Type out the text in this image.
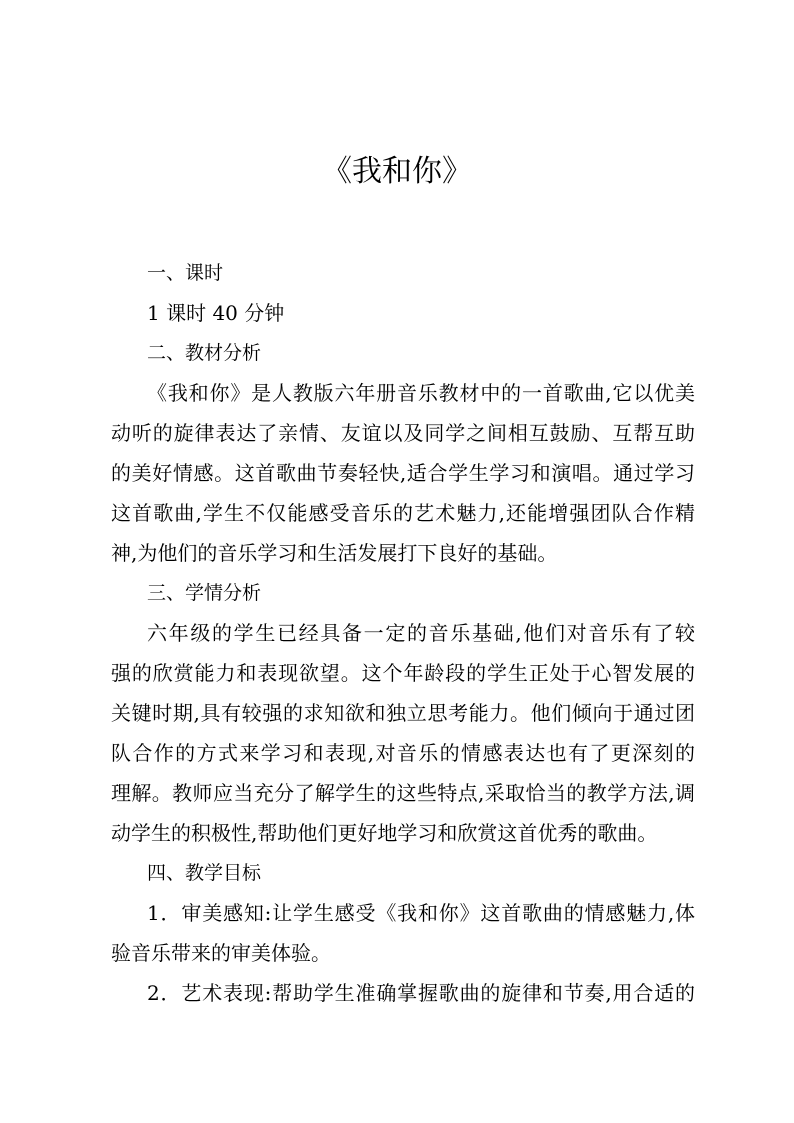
《我和你》

一、课时

1 课时 40 分钟

二、教材分析

《我和你》是人教版六年册音乐教材中的一首歌曲,它以优美

动听的旋律表达了亲情、友谊以及同学之间相互鼓励、互帮互助

的美好情感。这首歌曲节奏轻快,适合学生学习和演唱。通过学习

这首歌曲,学生不仅能感受音乐的艺术魅力,还能增强团队合作精

神,为他们的音乐学习和生活发展打下良好的基础。

三、学情分析

六年级的学生已经具备一定的音乐基础,他们对音乐有了较

强的欣赏能力和表现欲望。这个年龄段的学生正处于心智发展的

关键时期,具有较强的求知欲和独立思考能力。他们倾向于通过团

队合作的方式来学习和表现,对音乐的情感表达也有了更深刻的

理解。教师应当充分了解学生的这些特点,采取恰当的教学方法,调

动学生的积极性,帮助他们更好地学习和欣赏这首优秀的歌曲。

四、教学目标

1．审美感知:让学生感受《我和你》这首歌曲的情感魅力,体

验音乐带来的审美体验。

2．艺术表现:帮助学生准确掌握歌曲的旋律和节奏,用合适的
